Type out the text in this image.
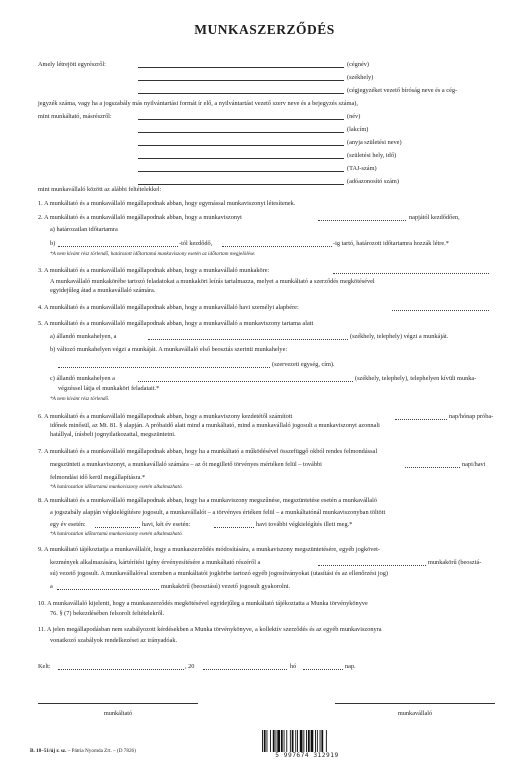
MUNKASZERZŐDÉS
Amely létrejött egyrészről:	(cégnév)
(székhely)
(cégjegyzéket vezető bíróság neve és a cég-
jegyzék száma, vagy ha a jogszabály más nyilvántartási formát ír elő, a nyilvántartást vezető szerv neve és a bejegyzés száma),
mint munkáltató, másrészről:	(név)
(lakcím)
(anyja születési neve)
(születési hely, idő)
(TAJ-szám)
(adóazonosító szám)
mint munkavállaló között az alábbi feltételekkel:
1. A munkáltató és a munkavállaló megállapodnak abban, hogy egymással munkaviszonyt létesítenek.
2. A munkáltató és a munkavállaló megállapodnak abban, hogy a munkaviszonyt	napjától kezdődően,
a) határozatlan időtartamra
b)	-tól kezdődő,	-ig tartó, határozott időtartamra hozzák létre.*
*A nem kívánt rész törlendő, határozott időtartamú munkaviszony esetén az időtartam megjelölése.
3. A munkáltató és a munkavállaló megállapodnak abban, hogy a munkavállaló munkaköre:
A munkavállaló munkakörébe tartozó feladatokat a munkaköri leírás tartalmazza, melyet a munkáltató a szerződés megkötésével
egyidejűleg átad a munkavállaló számára.
4. A munkáltató és a munkavállaló megállapodnak abban, hogy a munkavállaló havi személyi alapbére:
5. A munkáltató és a munkavállaló megállapodnak abban, hogy a munkavállaló a munkaviszony tartama alatt
a) állandó munkahelyen, a	(székhely, telephely) végzi a munkáját.
b) változó munkahelyen végzi a munkáját. A munkavállaló első beosztás szerinti munkahelye:
(szervezeti egység, cím).
c) állandó munkahelyen a	(székhely, telephely), telephelyen kívüli munka-
végzéssel látja el munkaköri feladatait.*
*A nem kívánt rész törlendő.
6. A munkáltató és a munkavállaló megállapodnak abban, hogy a munkaviszony kezdetétől számított	nap/hónap próba-
időnek minősül, az Mt. 81. § alapján. A próbaidő alatt mind a munkáltató, mind a munkavállaló jogosult a munkaviszonyt azonnali
hatállyal, írásbeli jognyilatkozattal, megszüntetni.
7. A munkáltató és a munkavállaló megállapodnak abban, hogy ha a munkáltató a működésével összefüggő okból rendes felmondással
megszünteti a munkaviszonyt, a munkavállaló számára – az őt megillető törvényes mértéken felül – további	napi/havi
felmondási idő kerül megállapításra.*
*A határozatlan időtartamú munkaviszony esetén alkalmazható.
8. A munkáltató és a munkavállaló megállapodnak abban, hogy ha a munkaviszony megszűnése, megszüntetése esetén a munkavállaló
a jogszabály alapján végkielégítésre jogosult, a munkavállalót – a törvényes értéken felül – a munkáltatónál munkaviszonyban töltött
egy év esetén:	havi, két év esetén:	havi további végkielégítés illeti meg.*
*A határozatlan időtartamú munkaviszony esetén alkalmazható.
9. A munkáltató tájékoztatja a munkavállalót, hogy a munkaszerződés módosítására, a munkaviszony megszüntetésére, egyéb jogkövet-
kezmények alkalmazására, kártérítési igény érvényesítésére a munkáltató részéről a	munkakörű (beosztá-
sú) vezető jogosult. A munkavállalóval szemben a munkáltatói jogkörbe tartozó egyéb jogosítványokat (utasítási és az ellenőrzési jog)
a	munkakörű (beosztású) vezető jogosult gyakorolni.
10. A munkavállaló kijelenti, hogy a munkaszerződés megkötésével egyidejűleg a munkáltató tájékoztatta a Munka törvénykönyve
76. § (7) bekezdésében felsorolt feltételekről.
11. A jelen megállapodásban nem szabályozott kérdésekben a Munka törvénykönyve, a kollektív szerződés és az egyéb munkaviszonyra
vonatkozó szabályok rendelkezései az irányadóak.
Kelt:	, 20	hó	nap.
munkáltató	munkavállaló
B. 18–51/új r. sz. – Pátria Nyomda Zrt. – (D 7826)
5 997674 312919
